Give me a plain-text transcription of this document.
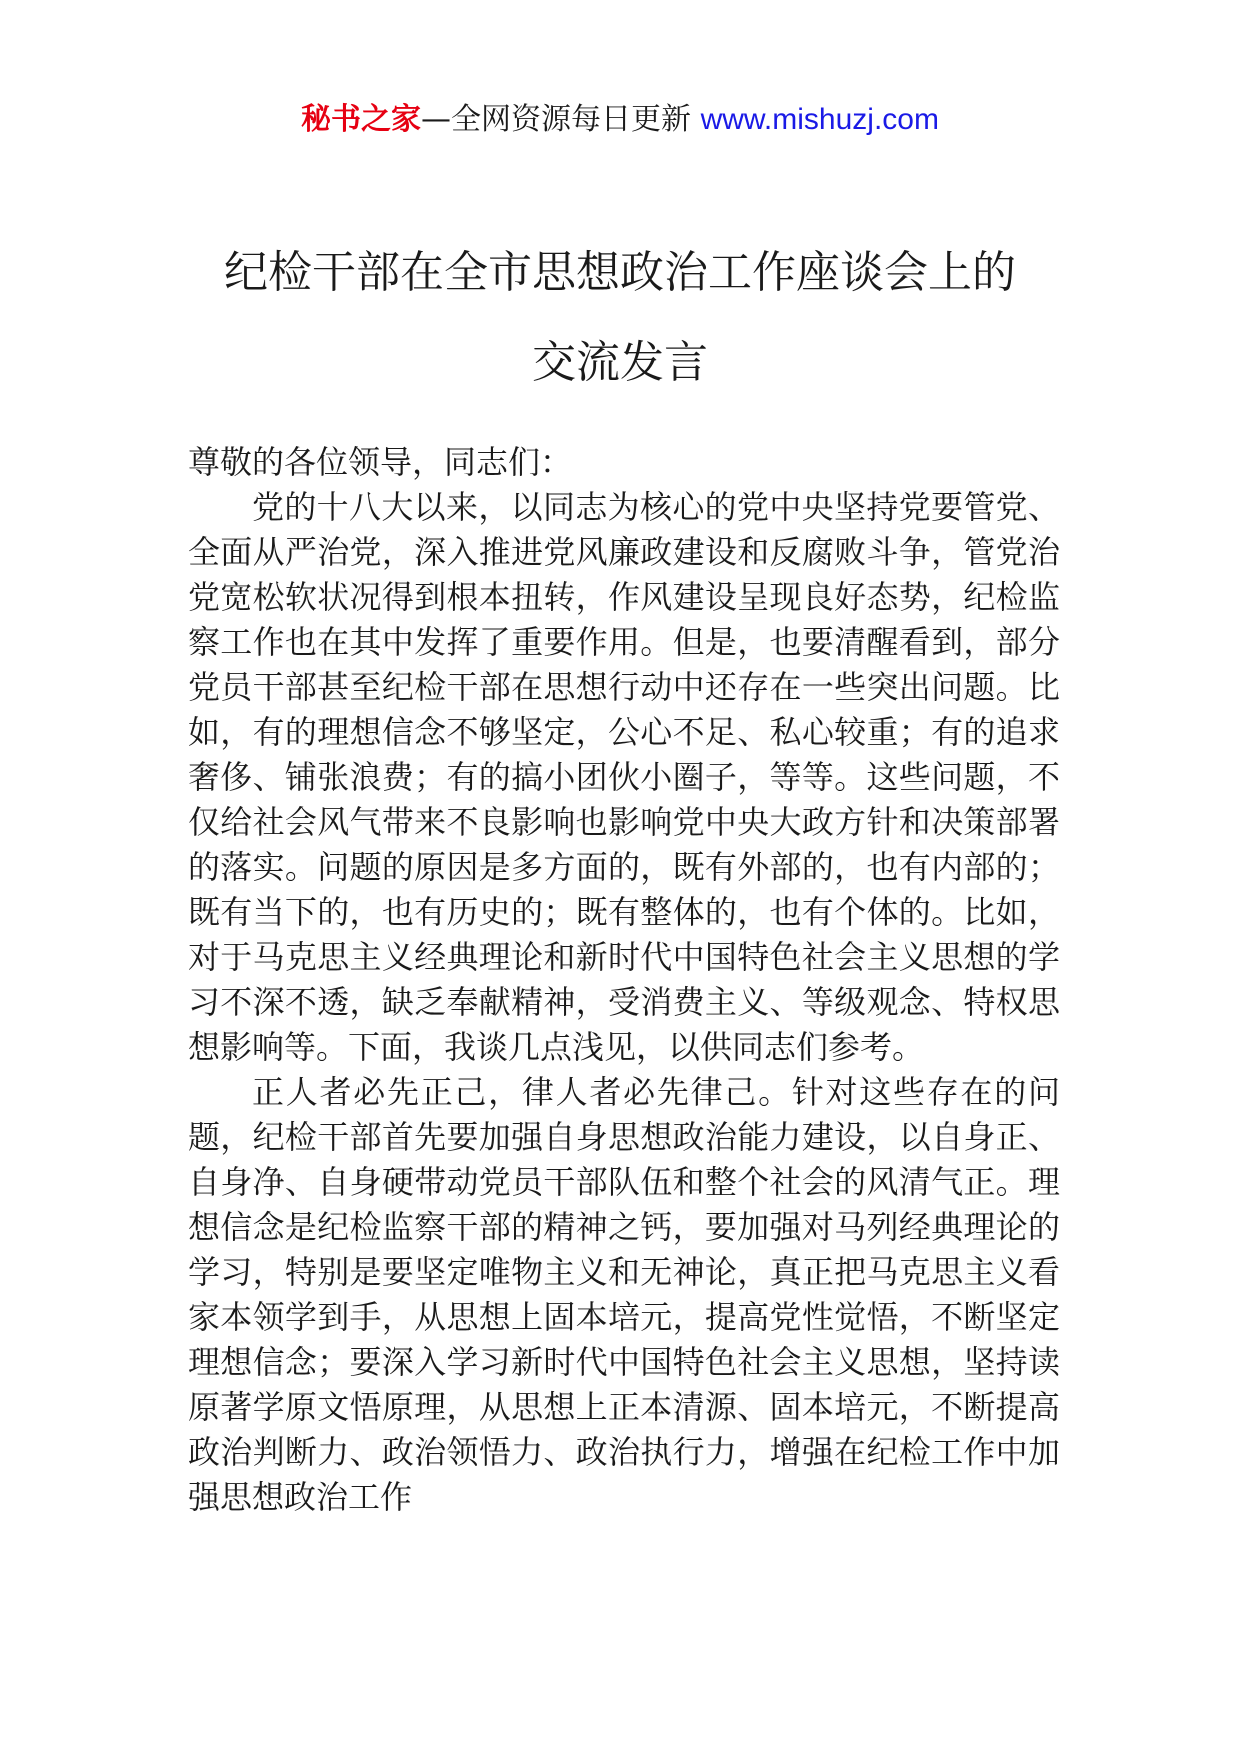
秘书之家—全网资源每日更新 www.mishuzj.com
纪检干部在全市思想政治工作座谈会上的
交流发言

尊敬的各位领导，同志们：

党的十八大以来，以同志为核心的党中央坚持党要管党、全面从严治党，深入推进党风廉政建设和反腐败斗争，管党治党宽松软状况得到根本扭转，作风建设呈现良好态势，纪检监察工作也在其中发挥了重要作用。但是，也要清醒看到，部分党员干部甚至纪检干部在思想行动中还存在一些突出问题。比如，有的理想信念不够坚定，公心不足、私心较重；有的追求奢侈、铺张浪费；有的搞小团伙小圈子，等等。这些问题，不仅给社会风气带来不良影响也影响党中央大政方针和决策部署的落实。问题的原因是多方面的，既有外部的，也有内部的；既有当下的，也有历史的；既有整体的，也有个体的。比如，对于马克思主义经典理论和新时代中国特色社会主义思想的学习不深不透，缺乏奉献精神，受消费主义、等级观念、特权思想影响等。下面，我谈几点浅见，以供同志们参考。

正人者必先正己，律人者必先律己。针对这些存在的问题，纪检干部首先要加强自身思想政治能力建设，以自身正、自身净、自身硬带动党员干部队伍和整个社会的风清气正。理想信念是纪检监察干部的精神之钙，要加强对马列经典理论的学习，特别是要坚定唯物主义和无神论，真正把马克思主义看家本领学到手，从思想上固本培元，提高党性觉悟，不断坚定理想信念；要深入学习新时代中国特色社会主义思想，坚持读原著学原文悟原理，从思想上正本清源、固本培元，不断提高政治判断力、政治领悟力、政治执行力，增强在纪检工作中加强思想政治工作
